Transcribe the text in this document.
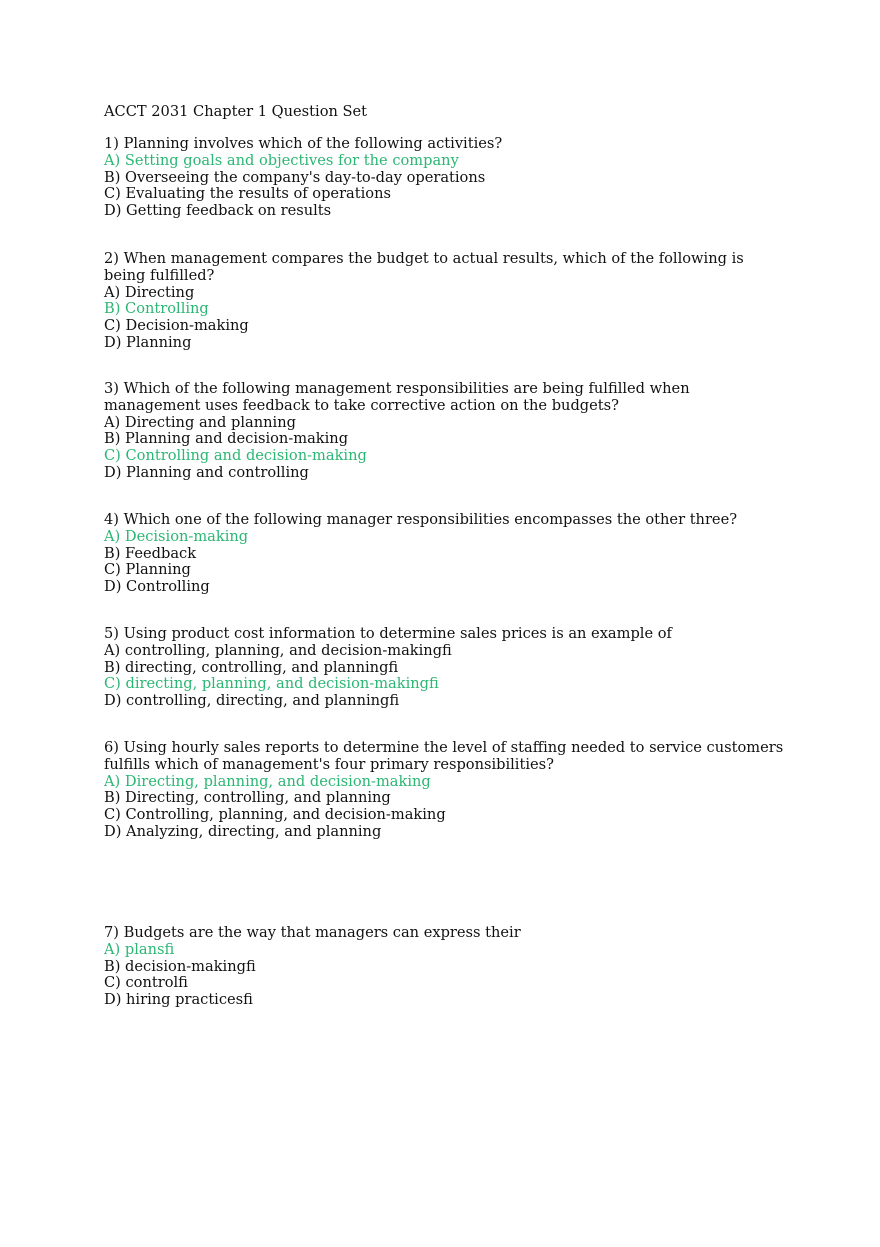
ACCT 2031 Chapter 1 Question Set
1) Planning involves which of the following activities?
A) Setting goals and objectives for the company
B) Overseeing the company's day-to-day operations
C) Evaluating the results of operations
D) Getting feedback on results
2) When management compares the budget to actual results, which of the following is
being fulfilled?
A) Directing
B) Controlling
C) Decision-making
D) Planning
3) Which of the following management responsibilities are being fulfilled when
management uses feedback to take corrective action on the budgets?
A) Directing and planning
B) Planning and decision-making
C) Controlling and decision-making
D) Planning and controlling
4) Which one of the following manager responsibilities encompasses the other three?
A) Decision-making
B) Feedback
C) Planning
D) Controlling
5) Using product cost information to determine sales prices is an example of
A) controlling, planning, and decision-makingfi
B) directing, controlling, and planningfi
C) directing, planning, and decision-makingfi
D) controlling, directing, and planningfi
6) Using hourly sales reports to determine the level of staffing needed to service customers
fulfills which of management's four primary responsibilities?
A) Directing, planning, and decision-making
B) Directing, controlling, and planning
C) Controlling, planning, and decision-making
D) Analyzing, directing, and planning
7) Budgets are the way that managers can express their
A) plansfi
B) decision-makingfi
C) controlfi
D) hiring practicesfi
